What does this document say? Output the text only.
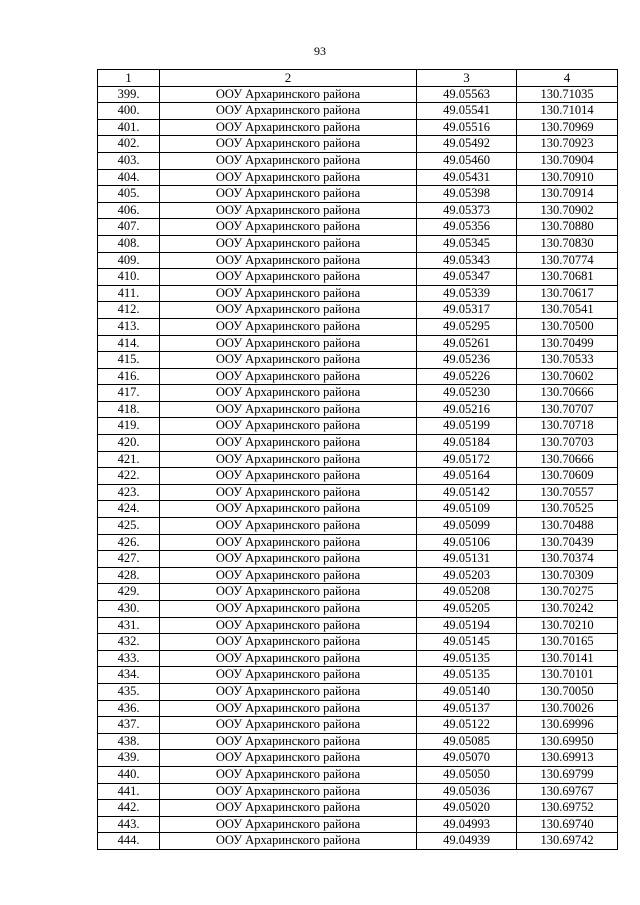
93
1	2	3	4
399.	ООУ Архаринского района	49.05563	130.71035
400.	ООУ Архаринского района	49.05541	130.71014
401.	ООУ Архаринского района	49.05516	130.70969
402.	ООУ Архаринского района	49.05492	130.70923
403.	ООУ Архаринского района	49.05460	130.70904
404.	ООУ Архаринского района	49.05431	130.70910
405.	ООУ Архаринского района	49.05398	130.70914
406.	ООУ Архаринского района	49.05373	130.70902
407.	ООУ Архаринского района	49.05356	130.70880
408.	ООУ Архаринского района	49.05345	130.70830
409.	ООУ Архаринского района	49.05343	130.70774
410.	ООУ Архаринского района	49.05347	130.70681
411.	ООУ Архаринского района	49.05339	130.70617
412.	ООУ Архаринского района	49.05317	130.70541
413.	ООУ Архаринского района	49.05295	130.70500
414.	ООУ Архаринского района	49.05261	130.70499
415.	ООУ Архаринского района	49.05236	130.70533
416.	ООУ Архаринского района	49.05226	130.70602
417.	ООУ Архаринского района	49.05230	130.70666
418.	ООУ Архаринского района	49.05216	130.70707
419.	ООУ Архаринского района	49.05199	130.70718
420.	ООУ Архаринского района	49.05184	130.70703
421.	ООУ Архаринского района	49.05172	130.70666
422.	ООУ Архаринского района	49.05164	130.70609
423.	ООУ Архаринского района	49.05142	130.70557
424.	ООУ Архаринского района	49.05109	130.70525
425.	ООУ Архаринского района	49.05099	130.70488
426.	ООУ Архаринского района	49.05106	130.70439
427.	ООУ Архаринского района	49.05131	130.70374
428.	ООУ Архаринского района	49.05203	130.70309
429.	ООУ Архаринского района	49.05208	130.70275
430.	ООУ Архаринского района	49.05205	130.70242
431.	ООУ Архаринского района	49.05194	130.70210
432.	ООУ Архаринского района	49.05145	130.70165
433.	ООУ Архаринского района	49.05135	130.70141
434.	ООУ Архаринского района	49.05135	130.70101
435.	ООУ Архаринского района	49.05140	130.70050
436.	ООУ Архаринского района	49.05137	130.70026
437.	ООУ Архаринского района	49.05122	130.69996
438.	ООУ Архаринского района	49.05085	130.69950
439.	ООУ Архаринского района	49.05070	130.69913
440.	ООУ Архаринского района	49.05050	130.69799
441.	ООУ Архаринского района	49.05036	130.69767
442.	ООУ Архаринского района	49.05020	130.69752
443.	ООУ Архаринского района	49.04993	130.69740
444.	ООУ Архаринского района	49.04939	130.69742
